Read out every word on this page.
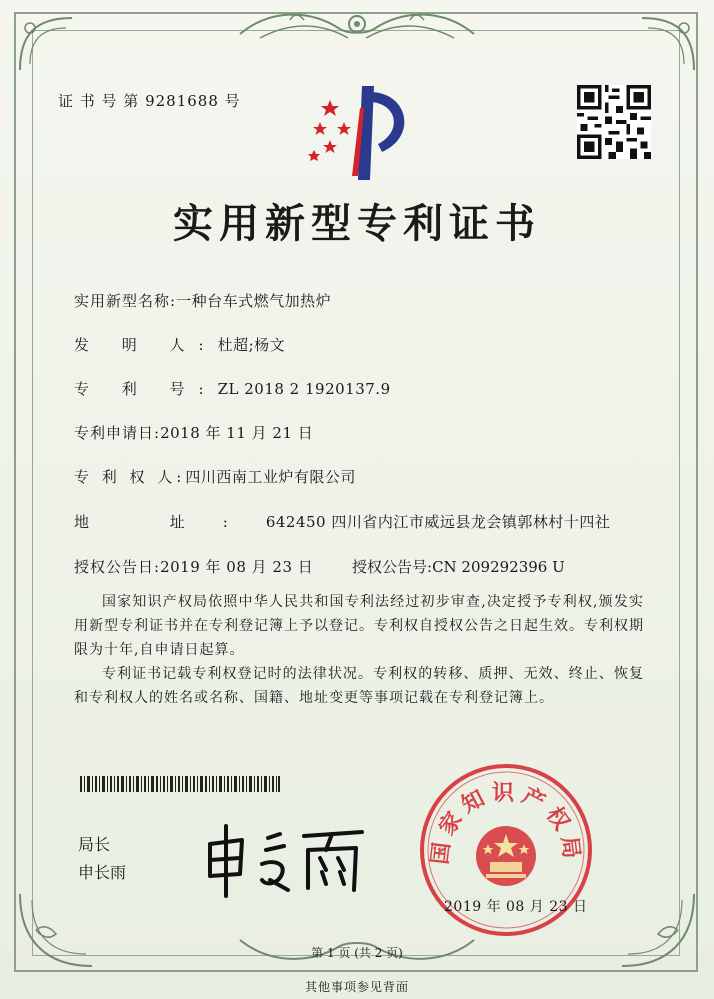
证 书 号 第 9281688 号
实用新型专利证书
实用新型名称:一种台车式燃气加热炉
发 明 人:杜超;杨文
专 利 号:ZL 2018 2 1920137.9
专利申请日:2018 年 11 月 21 日
专 利 权 人:四川西南工业炉有限公司
地 址:642450 四川省内江市威远县龙会镇郭林村十四社
授权公告日:2019 年 08 月 23 日	授权公告号:CN 209292396 U
国家知识产权局依照中华人民共和国专利法经过初步审查,决定授予专利权,颁发实用新型专利证书并在专利登记簿上予以登记。专利权自授权公告之日起生效。专利权期限为十年,自申请日起算。
专利证书记载专利权登记时的法律状况。专利权的转移、质押、无效、终止、恢复和专利权人的姓名或名称、国籍、地址变更等事项记载在专利登记簿上。
局长
申长雨
国家知识产权局
2019 年 08 月 23 日
第 1 页 (共 2 页)
其他事项参见背面
